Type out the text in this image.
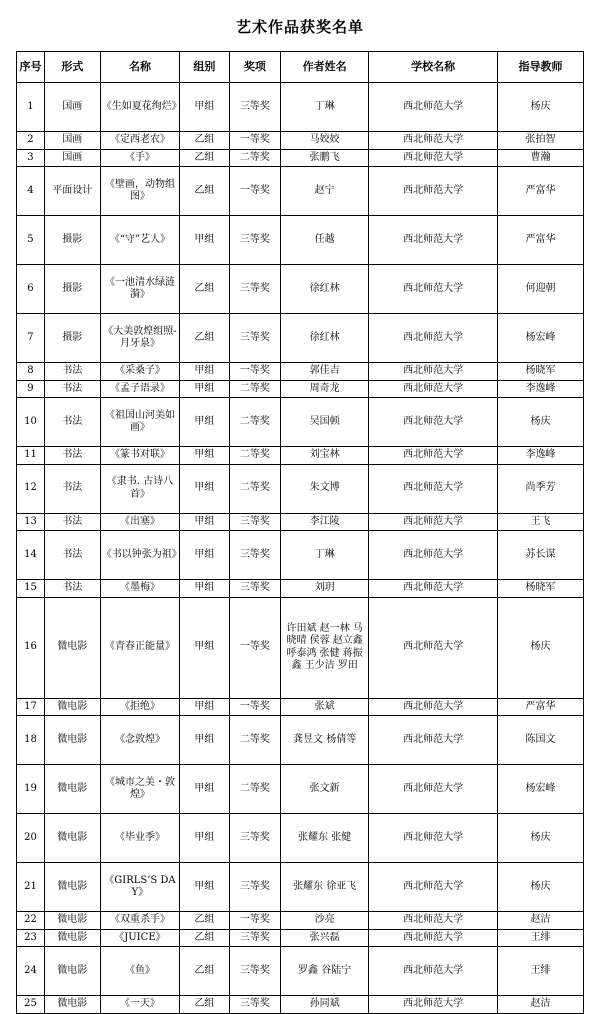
艺术作品获奖名单
序号	形式	名称	组别	奖项	作者姓名	学校名称	指导教师
1	国画	《生如夏花绚烂》	甲组	三等奖	丁琳	西北师范大学	杨庆
2	国画	《定西老农》	乙组	一等奖	马姣姣	西北师范大学	张拍智
3	国画	《手》	乙组	二等奖	张鹏飞	西北师范大学	曹瀚
4	平面设计	《壁画，动物组图》	乙组	一等奖	赵宁	西北师范大学	严富华
5	摄影	《“守”艺人》	甲组	三等奖	任越	西北师范大学	严富华
6	摄影	《一池清水绿涟漪》	乙组	三等奖	徐红林	西北师范大学	何迎朝
7	摄影	《大美敦煌组照-月牙泉》	乙组	三等奖	徐红林	西北师范大学	杨宏峰
8	书法	《采桑子》	甲组	一等奖	郭佳吉	西北师范大学	杨晓军
9	书法	《孟子语录》	甲组	二等奖	周奇龙	西北师范大学	李逸峰
10	书法	《祖国山河美如画》	甲组	二等奖	吴国顿	西北师范大学	杨庆
11	书法	《篆书对联》	甲组	二等奖	刘宝林	西北师范大学	李逸峰
12	书法	《隶书. 古诗八首》	甲组	二等奖	朱文博	西北师范大学	尚季芳
13	书法	《出塞》	甲组	三等奖	李江陵	西北师范大学	王飞
14	书法	《书以钟张为祖》	甲组	三等奖	丁琳	西北师范大学	苏长谋
15	书法	《墨梅》	甲组	三等奖	刘玥	西北师范大学	杨晓军
16	微电影	《青春正能量》	甲组	一等奖	许田斌 赵一林 马晓晴 侯蓉 赵立鑫 呼泰鸿 张健 蒋振鑫 王少洁 罗田	西北师范大学	杨庆
17	微电影	《拒绝》	甲组	一等奖	张斌	西北师范大学	严富华
18	微电影	《念敦煌》	甲组	二等奖	龚昱文 杨倩等	西北师范大学	陈国文
19	微电影	《城市之美・敦煌》	甲组	二等奖	张文新	西北师范大学	杨宏峰
20	微电影	《毕业季》	甲组	三等奖	张耀东 张健	西北师范大学	杨庆
21	微电影	《GIRLS’S DAY》	甲组	三等奖	张耀东 徐亚飞	西北师范大学	杨庆
22	微电影	《双重杀手》	乙组	一等奖	沙亮	西北师范大学	赵洁
23	微电影	《JUICE》	乙组	三等奖	张兴磊	西北师范大学	王绯
24	微电影	《鱼》	乙组	三等奖	罗鑫 谷陆宁	西北师范大学	王绯
25	微电影	《一天》	乙组	三等奖	孙同斌	西北师范大学	赵洁
